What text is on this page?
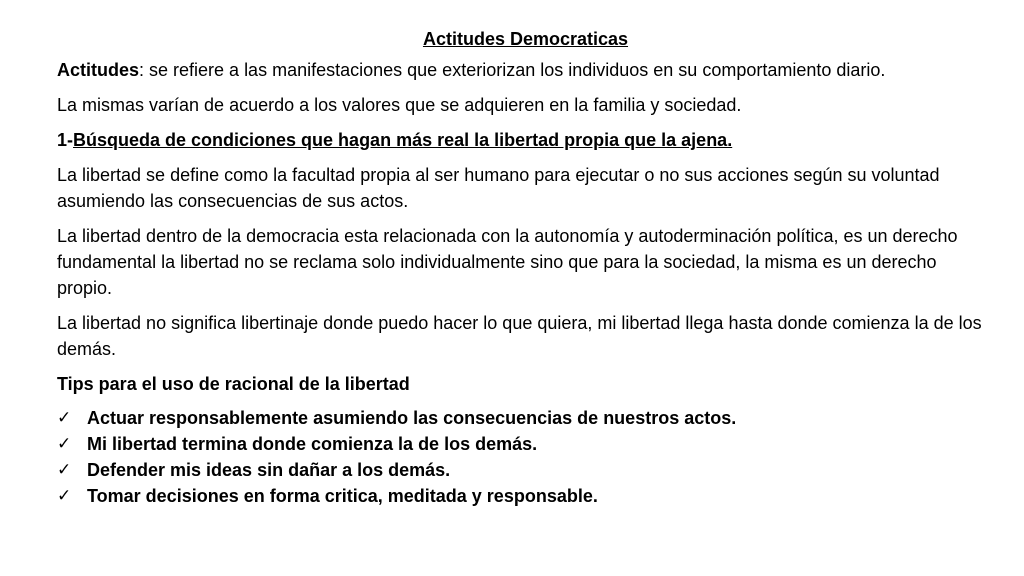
Actitudes Democraticas
Actitudes: se refiere a las manifestaciones que exteriorizan los individuos en su comportamiento diario.
La mismas varían de acuerdo a los valores que se adquieren en la familia y sociedad.
1-Búsqueda de condiciones que hagan más real la libertad propia que la ajena.
La libertad se define como la facultad propia al ser humano para ejecutar o no sus acciones según su voluntad asumiendo las consecuencias de sus actos.
La libertad dentro de la democracia esta relacionada con la autonomía y autoderminación política, es un derecho fundamental la libertad no se reclama solo individualmente sino que para la sociedad, la misma es un derecho propio.
La libertad no significa libertinaje donde puedo hacer lo que quiera, mi libertad llega hasta donde comienza la de los demás.
Tips para el uso de racional de la libertad
✓ Actuar responsablemente asumiendo las consecuencias de nuestros actos.
✓ Mi libertad termina donde comienza la de los demás.
✓ Defender mis ideas sin dañar a los demás.
✓ Tomar decisiones en forma critica, meditada y responsable.
